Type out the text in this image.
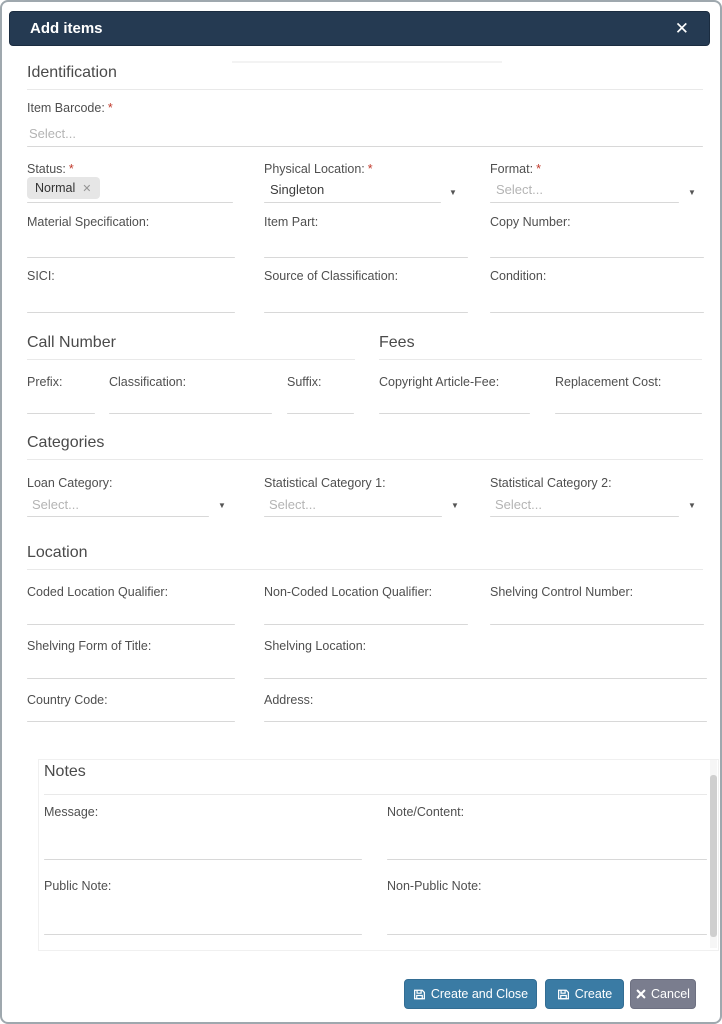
Add items	✕
Identification
Item Barcode: *
Select...
Status: *
Normal ✕
Physical Location: *
Singleton	▼
Format: *
Select...	▼
Material Specification:	Item Part:	Copy Number:
SICI:	Source of Classification:	Condition:
Call Number	Fees
Prefix:	Classification:	Suffix:	Copyright Article-Fee:	Replacement Cost:
Categories
Loan Category:
Select...	▼
Statistical Category 1:
Select...	▼
Statistical Category 2:
Select...	▼
Location
Coded Location Qualifier:	Non-Coded Location Qualifier:	Shelving Control Number:
Shelving Form of Title:	Shelving Location:
Country Code:	Address:
Notes
Message:	Note/Content:
Public Note:	Non-Public Note:
Create and Close	Create	Cancel
